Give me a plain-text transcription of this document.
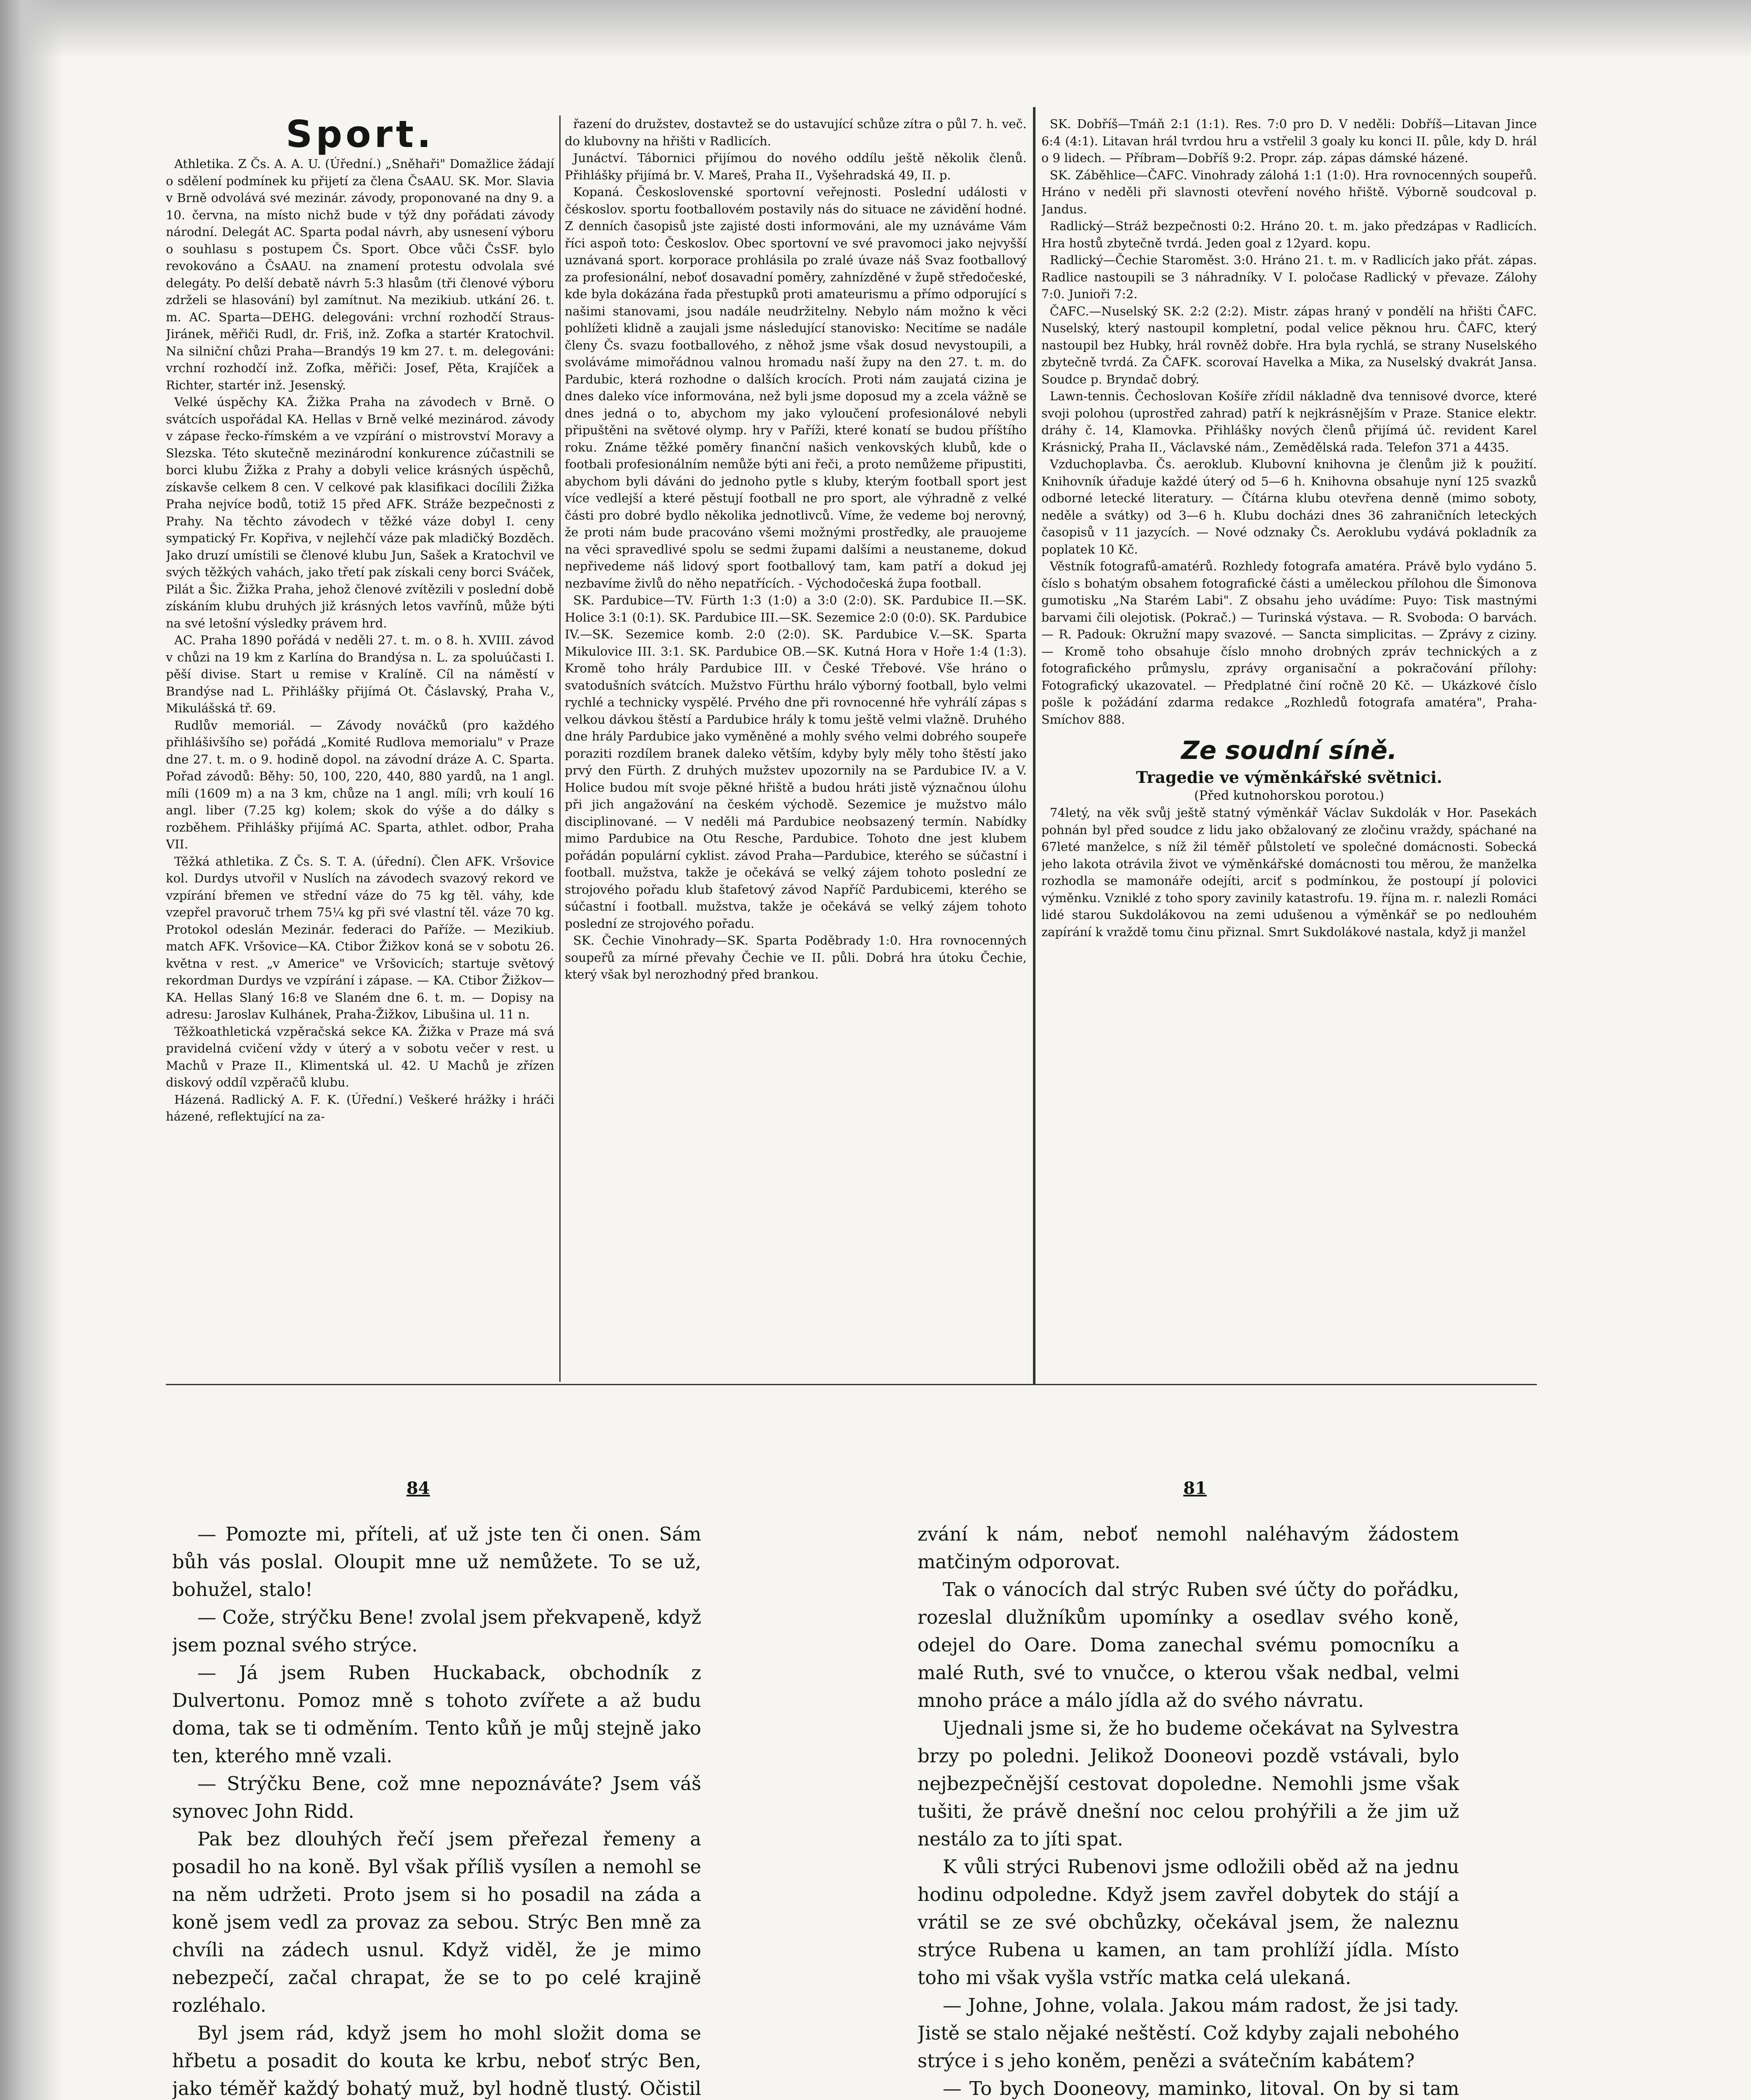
Sport.

Athletika. Z Čs. A. A. U. (Úřední.) „Sněhaři" Domažlice žádají o sdělení podmínek ku přijetí za člena ČsAAU. SK. Mor. Slavia v Brně odvolává své mezinár. závody, proponované na dny 9. a 10. června, na místo nichž bude v týž dny pořádati závody národní. Delegát AC. Sparta podal návrh, aby usnesení výboru o souhlasu s postupem Čs. Sport. Obce vůči ČsSF. bylo revokováno a ČsAAU. na znamení protestu odvolala své delegáty. Po delší debatě návrh 5:3 hlasům (tři členové výboru zdrželi se hlasování) byl zamítnut. Na mezikiub. utkání 26. t. m. AC. Sparta—DEHG. delegováni: vrchní rozhodčí Straus-Jiránek, měřiči Rudl, dr. Friš, inž. Zofka a startér Kratochvil. Na silniční chůzi Praha—Brandýs 19 km 27. t. m. delegováni: vrchní rozhodčí inž. Zofka, měřiči: Josef, Pěta, Krajíček a Richter, startér inž. Jesenský.

Velké úspěchy KA. Žižka Praha na závodech v Brně. O svátcích uspořádal KA. Hellas v Brně velké mezinárod. závody v zápase řecko-římském a ve vzpírání o mistrovství Moravy a Slezska. Této skutečně mezinárodní konkurence zúčastnili se borci klubu Žižka z Prahy a dobyli velice krásných úspěchů, získavše celkem 8 cen. V celkové pak klasifikaci docílili Žižka Praha nejvíce bodů, totiž 15 před AFK. Stráže bezpečnosti z Prahy. Na těchto závodech v těžké váze dobyl I. ceny sympatický Fr. Kopřiva, v nejlehčí váze pak mladičký Bozděch. Jako druzí umístili se členové klubu Jun, Sašek a Kratochvil ve svých těžkých vahách, jako třetí pak získali ceny borci Sváček, Pilát a Šic. Žižka Praha, jehož členové zvítězili v poslední době získáním klubu druhých již krásných letos vavřínů, může býti na své letošní výsledky právem hrd.

AC. Praha 1890 pořádá v neděli 27. t. m. o 8. h. XVIII. závod v chůzi na 19 km z Karlína do Brandýsa n. L. za spoluúčasti I. pěší divise. Start u remise v Kralíně. Cíl na náměstí v Brandýse nad L. Přihlášky přijímá Ot. Čáslavský, Praha V., Mikulášská tř. 69.

Rudlův memoriál. — Závody nováčků (pro každého přihlášivšího se) pořádá „Komité Rudlova memorialu" v Praze dne 27. t. m. o 9. hodině dopol. na závodní dráze A. C. Sparta. Pořad závodů: Běhy: 50, 100, 220, 440, 880 yardů, na 1 angl. míli (1609 m) a na 3 km, chůze na 1 angl. míli; vrh koulí 16 angl. liber (7.25 kg) kolem; skok do výše a do dálky s rozběhem. Přihlášky přijímá AC. Sparta, athlet. odbor, Praha VII.

Těžká athletika. Z Čs. S. T. A. (úřední). Člen AFK. Vršovice kol. Durdys utvořil v Nuslích na závodech svazový rekord ve vzpírání břemen ve střední váze do 75 kg těl. váhy, kde vzepřel pravoruč trhem 75¼ kg při své vlastní těl. váze 70 kg. Protokol odeslán Mezinár. federaci do Paříže. — Mezikiub. match AFK. Vršovice—KA. Ctibor Žižkov koná se v sobotu 26. května v rest. „v Americe" ve Vršovicích; startuje světový rekordman Durdys ve vzpírání i zápase. — KA. Ctibor Žižkov—KA. Hellas Slaný 16:8 ve Slaném dne 6. t. m. — Dopisy na adresu: Jaroslav Kulhánek, Praha-Žižkov, Libušina ul. 11 n.

Těžkoathletická vzpěračská sekce KA. Žižka v Praze má svá pravidelná cvičení vždy v úterý a v sobotu večer v rest. u Machů v Praze II., Klimentská ul. 42. U Machů je zřízen diskový oddíl vzpěračů klubu.

Házená. Radlický A. F. K. (Úřední.) Veškeré hrážky i hráči házené, reflektující na za-

řazení do družstev, dostavtež se do ustavující schůze zítra o půl 7. h. več. do klubovny na hřišti v Radlicích.

Junáctví. Tábornici přijímou do nového oddílu ještě několik členů. Přihlášky přijímá br. V. Mareš, Praha II., Vyšehradská 49, II. p.

Kopaná. Československé sportovní veřejnosti. Poslední události v čéskoslov. sportu footballovém postavily nás do situace ne závidění hodné. Z denních časopisů jste zajisté dosti informováni, ale my uznáváme Vám říci aspoň toto: Českoslov. Obec sportovní ve své pravomoci jako nejvyšší uznávaná sport. korporace prohlásila po zralé úvaze náš Svaz footballový za profesionální, neboť dosavadní poměry, zahnízděné v župě středočeské, kde byla dokázána řada přestupků proti amateurismu a přímo odporující s našimi stanovami, jsou nadále neudržitelny. Nebylo nám možno k věci pohlížeti klidně a zaujali jsme následující stanovisko: Necitíme se nadále členy Čs. svazu footballového, z něhož jsme však dosud nevystoupili, a svoláváme mimořádnou valnou hromadu naší župy na den 27. t. m. do Pardubic, která rozhodne o dalších krocích. Proti nám zaujatá cizina je dnes daleko více informována, než byli jsme doposud my a zcela vážně se dnes jedná o to, abychom my jako vyloučení profesionálové nebyli připuštěni na světové olymp. hry v Paříži, které konatí se budou příštího roku. Známe těžké poměry finanční našich venkovských klubů, kde o footbali profesionálním nemůže býti ani řeči, a proto nemůžeme připustiti, abychom byli dáváni do jednoho pytle s kluby, kterým football sport jest více vedlejší a které pěstují football ne pro sport, ale výhradně z velké části pro dobré bydlo několika jednotlivců. Víme, že vedeme boj nerovný, že proti nám bude pracováno všemi možnými prostředky, ale prauojeme na věci spravedlivé spolu se sedmi župami dalšími a neustaneme, dokud nepřivedeme náš lidový sport footballový tam, kam patří a dokud jej nezbavíme živlů do něho nepatřících. - Východočeská župa football.

SK. Pardubice—TV. Fürth 1:3 (1:0) a 3:0 (2:0). SK. Pardubice II.—SK. Holice 3:1 (0:1). SK. Pardubice III.—SK. Sezemice 2:0 (0:0). SK. Pardubice IV.—SK. Sezemice komb. 2:0 (2:0). SK. Pardubice V.—SK. Sparta Mikulovice III. 3:1. SK. Pardubice OB.—SK. Kutná Hora v Hoře 1:4 (1:3). Kromě toho hrály Pardubice III. v České Třebové. Vše hráno o svatodušních svátcích. Mužstvo Fürthu hrálo výborný football, bylo velmi rychlé a technicky vyspělé. Prvého dne při rovnocenné hře vyhrálí zápas s velkou dávkou štěstí a Pardubice hrály k tomu ještě velmi vlažně. Druhého dne hrály Pardubice jako vyměněné a mohly svého velmi dobrého soupeře poraziti rozdílem branek daleko větším, kdyby byly měly toho štěstí jako prvý den Fürth. Z druhých mužstev upozornily na se Pardubice IV. a V. Holice budou mít svoje pěkné hřiště a budou hráti jistě význačnou úlohu při jich angažování na českém východě. Sezemice je mužstvo málo disciplinované. — V neděli má Pardubice neobsazený termín. Nabídky mimo Pardubice na Otu Resche, Pardubice. Tohoto dne jest klubem pořádán populární cyklist. závod Praha—Pardubice, kterého se súčastní i football. mužstva, takže je očekává se velký zájem tohoto poslední ze strojového pořadu klub štafetový závod Napříč Pardubicemi, kterého se súčastní i football. mužstva, takže je očekává se velký zájem tohoto poslední ze strojového pořadu.

SK. Čechie Vinohrady—SK. Sparta Poděbrady 1:0. Hra rovnocenných soupeřů za mírné převahy Čechie ve II. půli. Dobrá hra útoku Čechie, který však byl nerozhodný před brankou.

SK. Dobříš—Tmáň 2:1 (1:1). Res. 7:0 pro D. V neděli: Dobříš—Litavan Jince 6:4 (4:1). Litavan hrál tvrdou hru a vstřelil 3 goaly ku konci II. půle, kdy D. hrál o 9 lidech. — Příbram—Dobříš 9:2. Propr. záp. zápas dámské házené.

SK. Záběhlice—ČAFC. Vinohrady zálohá 1:1 (1:0). Hra rovnocenných soupeřů. Hráno v neděli při slavnosti otevření nového hřiště. Výborně soudcoval p. Jandus.

Radlický—Stráž bezpečnosti 0:2. Hráno 20. t. m. jako předzápas v Radlicích. Hra hostů zbytečně tvrdá. Jeden goal z 12yard. kopu.

Radlický—Čechie Staroměst. 3:0. Hráno 21. t. m. v Radlicích jako přát. zápas. Radlice nastoupili se 3 náhradníky. V I. poločase Radlický v převaze. Zálohy 7:0. Junioři 7:2.

ČAFC.—Nuselský SK. 2:2 (2:2). Mistr. zápas hraný v pondělí na hřišti ČAFC. Nuselský, který nastoupil kompletní, podal velice pěknou hru. ČAFC, který nastoupil bez Hubky, hrál rovněž dobře. Hra byla rychlá, se strany Nuselského zbytečně tvrdá. Za ČAFK. scorovaí Havelka a Mika, za Nuselský dvakrát Jansa. Soudce p. Bryndač dobrý.

Lawn-tennis. Čechoslovan Košíře zřídil nákladně dva tennisové dvorce, které svoji polohou (uprostřed zahrad) patří k nejkrásnějším v Praze. Stanice elektr. dráhy č. 14, Klamovka. Přihlášky nových členů přijímá úč. revident Karel Krásnický, Praha II., Václavské nám., Zemědělská rada. Telefon 371 a 4435.

Vzduchoplavba. Čs. aeroklub. Klubovní knihovna je členům již k použití. Knihovník úřaduje každé úterý od 5—6 h. Knihovna obsahuje nyní 125 svazků odborné letecké literatury. — Čítárna klubu otevřena denně (mimo soboty, neděle a svátky) od 3—6 h. Klubu docházi dnes 36 zahraničních leteckých časopisů v 11 jazycích. — Nové odznaky Čs. Aeroklubu vydává pokladník za poplatek 10 Kč.

Věstník fotografů-amatérů. Rozhledy fotografa amatéra. Právě bylo vydáno 5. číslo s bohatým obsahem fotografické části a uměleckou přílohou dle Šimonova gumotisku „Na Starém Labi". Z obsahu jeho uvádíme: Puyo: Tisk mastnými barvami čili olejotisk. (Pokrač.) — Turinská výstava. — R. Svoboda: O barvách. — R. Padouk: Okružní mapy svazové. — Sancta simplicitas. — Zprávy z ciziny. — Kromě toho obsahuje číslo mnoho drobných zpráv technických a z fotografického průmyslu, zprávy organisační a pokračování přílohy: Fotografický ukazovatel. — Předplatné činí ročně 20 Kč. — Ukázkové číslo pošle k požádání zdarma redakce „Rozhledů fotografa amatéra", Praha-Smíchov 888.

Ze soudní síně.
Tragedie ve výměnkářské světnici.
(Před kutnohorskou porotou.)

74letý, na věk svůj ještě statný výměnkář Václav Sukdolák v Hor. Pasekách pohnán byl před soudce z lidu jako obžalovaný ze zločinu vraždy, spáchané na 67leté manželce, s níž žil téměř půlstoletí ve společné domácnosti. Sobecká jeho lakota otrávila život ve výměnkářské domácnosti tou měrou, že manželka rozhodla se mamonáře odejíti, arciť s podmínkou, že postoupí jí polovici výměnku. Vzniklé z toho spory zavinily katastrofu. 19. října m. r. nalezli Romáci lidé starou Sukdolákovou na zemi udušenou a výměnkář se po nedlouhém zapírání k vraždě tomu činu přiznal. Smrt Sukdolákové nastala, když ji manžel

84	81

— Pomozte mi, příteli, ať už jste ten či onen. Sám bůh vás poslal. Oloupit mne už nemůžete. To se už, bohužel, stalo!

— Cože, strýčku Bene! zvolal jsem překvapeně, když jsem poznal svého strýce.

— Já jsem Ruben Huckaback, obchodník z Dulvertonu. Pomoz mně s tohoto zvířete a až budu doma, tak se ti odměním. Tento kůň je můj stejně jako ten, kterého mně vzali.

— Strýčku Bene, což mne nepoznáváte? Jsem váš synovec John Ridd.

Pak bez dlouhých řečí jsem přeřezal řemeny a posadil ho na koně. Byl však příliš vysílen a nemohl se na něm udržeti. Proto jsem si ho posadil na záda a koně jsem vedl za provaz za sebou. Strýc Ben mně za chvíli na zádech usnul. Když viděl, že je mimo nebezpečí, začal chrapat, že se to po celé krajině rozléhalo.

Byl jsem rád, když jsem ho mohl složit doma se hřbetu a posadit do kouta ke krbu, neboť strýc Ben, jako téměř každý bohatý muž, byl hodně tlustý. Očistil

zvání k nám, neboť nemohl naléhavým žádostem matčiným odporovat.

Tak o vánocích dal strýc Ruben své účty do pořádku, rozeslal dlužníkům upomínky a osedlav svého koně, odejel do Oare. Doma zanechal svému pomocníku a malé Ruth, své to vnučce, o kterou však nedbal, velmi mnoho práce a málo jídla až do svého návratu.

Ujednali jsme si, že ho budeme očekávat na Sylvestra brzy po poledni. Jelikož Dooneovi pozdě vstávali, bylo nejbezpečnější cestovat dopoledne. Nemohli jsme však tušiti, že právě dnešní noc celou prohýřili a že jim už nestálo za to jíti spat.

K vůli strýci Rubenovi jsme odložili oběd až na jednu hodinu odpoledne. Když jsem zavřel dobytek do stájí a vrátil se ze své obchůzky, očekával jsem, že naleznu strýce Rubena u kamen, an tam prohlíží jídla. Místo toho mi však vyšla vstříc matka celá ulekaná.

— Johne, Johne, volala. Jakou mám radost, že jsi tady. Jistě se stalo nějaké neštěstí. Což kdyby zajali nebohého strýce i s jeho koněm, penězi a svátečním kabátem?

— To bych Dooneovy, maminko, litoval. On by si tam
